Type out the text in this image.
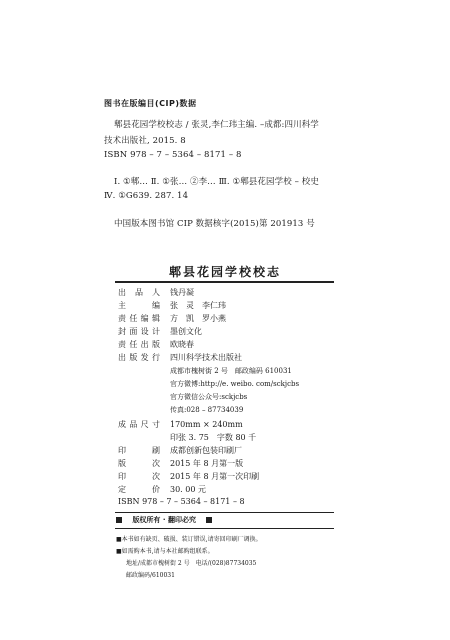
图书在版编目(CIP)数据
郫县花园学校校志 / 张灵,李仁玮主编. –成都:四川科学
技术出版社, 2015. 8
ISBN 978 – 7 – 5364 – 8171 – 8
Ⅰ. ①郫… Ⅱ. ①张… ②李… Ⅲ. ①郫县花园学校 – 校史
Ⅳ. ①G639. 287. 14
中国版本图书馆 CIP 数据核字(2015)第 201913 号
郫县花园学校校志
出品人 钱丹凝
主编 张　灵　李仁玮
责任编辑 方　凯　罗小燕
封面设计 墨创文化
责任出版 欧晓春
出版发行 四川科学技术出版社
成都市槐树街 2 号　邮政编码 610031
官方微博:http://e. weibo. com/sckjcbs
官方微信公众号:sckjcbs
传真:028 – 87734039
成品尺寸 170mm × 240mm
印张 3. 75　字数 80 千
印刷 成都创新包装印刷厂
版次 2015 年 8 月第一版
印次 2015 年 8 月第一次印刷
定价 30. 00 元
ISBN 978 – 7 – 5364 – 8171 – 8
版权所有 · 翻印必究
■本书如有缺页、破损、装订错误,请寄回印刷厂调换。
■如需购本书,请与本社邮购组联系。
地址/成都市槐树街 2 号　电话/(028)87734035
邮政编码/610031
